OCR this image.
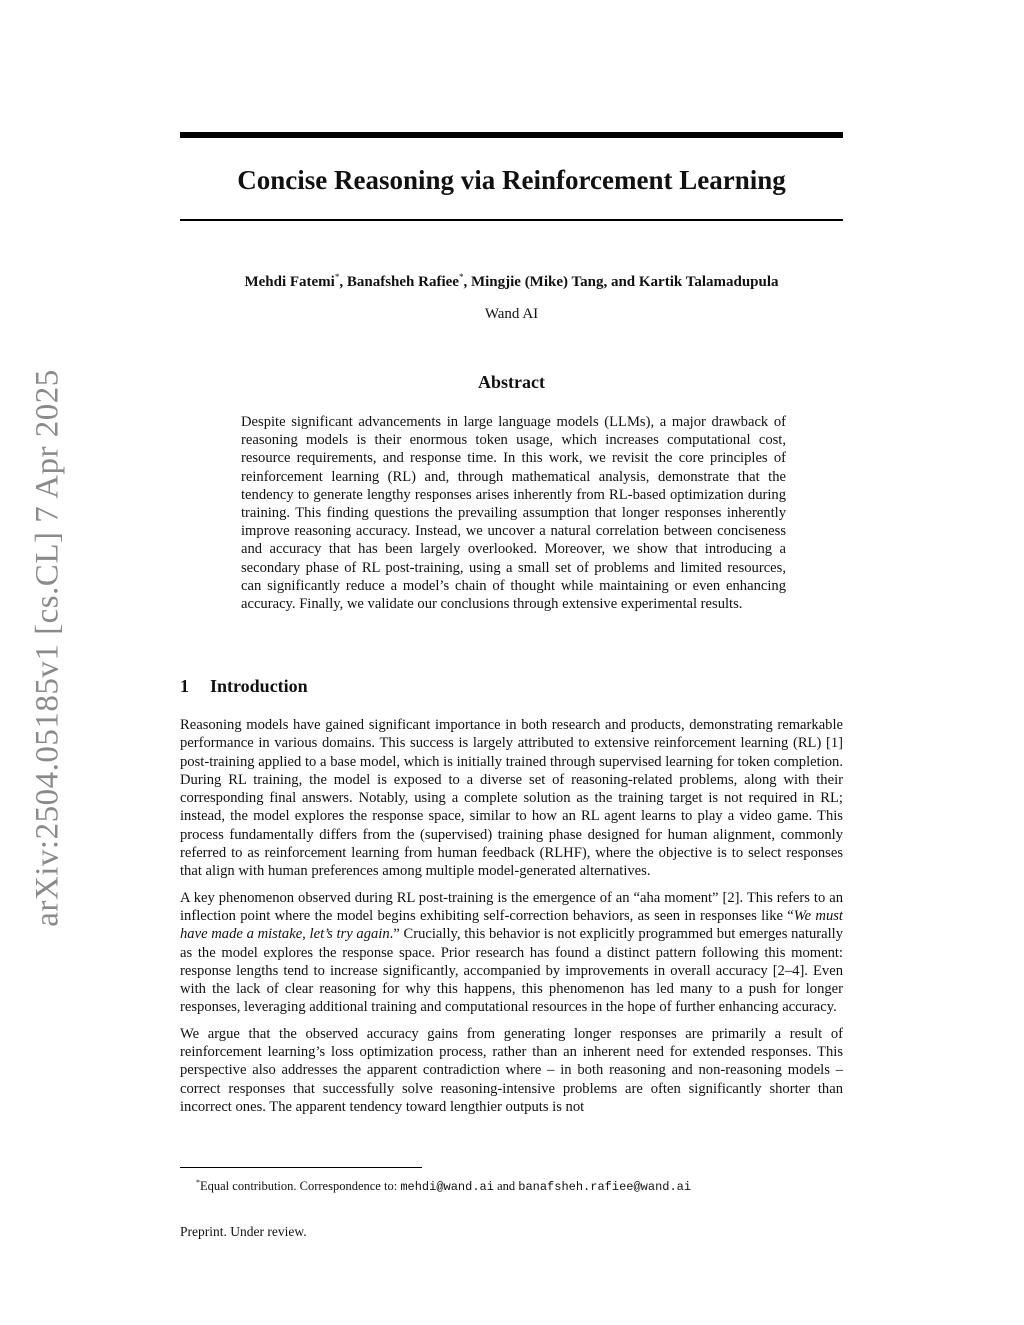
arXiv:2504.05185v1 [cs.CL] 7 Apr 2025
Concise Reasoning via Reinforcement Learning
Mehdi Fatemi*, Banafsheh Rafiee*, Mingjie (Mike) Tang, and Kartik Talamadupula
Wand AI
Abstract

Despite significant advancements in large language models (LLMs), a major drawback of reasoning models is their enormous token usage, which increases computational cost, resource requirements, and response time. In this work, we revisit the core principles of reinforcement learning (RL) and, through mathematical analysis, demonstrate that the tendency to generate lengthy responses arises inherently from RL-based optimization during training. This finding questions the prevailing assumption that longer responses inherently improve reasoning accuracy. Instead, we uncover a natural correlation between conciseness and accuracy that has been largely overlooked. Moreover, we show that introducing a secondary phase of RL post-training, using a small set of problems and limited resources, can significantly reduce a model’s chain of thought while maintaining or even enhancing accuracy. Finally, we validate our conclusions through extensive experimental results.

1 Introduction

Reasoning models have gained significant importance in both research and products, demonstrating remarkable performance in various domains. This success is largely attributed to extensive reinforcement learning (RL) [1] post-training applied to a base model, which is initially trained through supervised learning for token completion. During RL training, the model is exposed to a diverse set of reasoning-related problems, along with their corresponding final answers. Notably, using a complete solution as the training target is not required in RL; instead, the model explores the response space, similar to how an RL agent learns to play a video game. This process fundamentally differs from the (supervised) training phase designed for human alignment, commonly referred to as reinforcement learning from human feedback (RLHF), where the objective is to select responses that align with human preferences among multiple model-generated alternatives.

A key phenomenon observed during RL post-training is the emergence of an “aha moment” [2]. This refers to an inflection point where the model begins exhibiting self-correction behaviors, as seen in responses like “We must have made a mistake, let’s try again.” Crucially, this behavior is not explicitly programmed but emerges naturally as the model explores the response space. Prior research has found a distinct pattern following this moment: response lengths tend to increase significantly, accompanied by improvements in overall accuracy [2–4]. Even with the lack of clear reasoning for why this happens, this phenomenon has led many to a push for longer responses, leveraging additional training and computational resources in the hope of further enhancing accuracy.

We argue that the observed accuracy gains from generating longer responses are primarily a result of reinforcement learning’s loss optimization process, rather than an inherent need for extended responses. This perspective also addresses the apparent contradiction where – in both reasoning and non-reasoning models – correct responses that successfully solve reasoning-intensive problems are often significantly shorter than incorrect ones. The apparent tendency toward lengthier outputs is not

*Equal contribution. Correspondence to: mehdi@wand.ai and banafsheh.rafiee@wand.ai
Preprint. Under review.
